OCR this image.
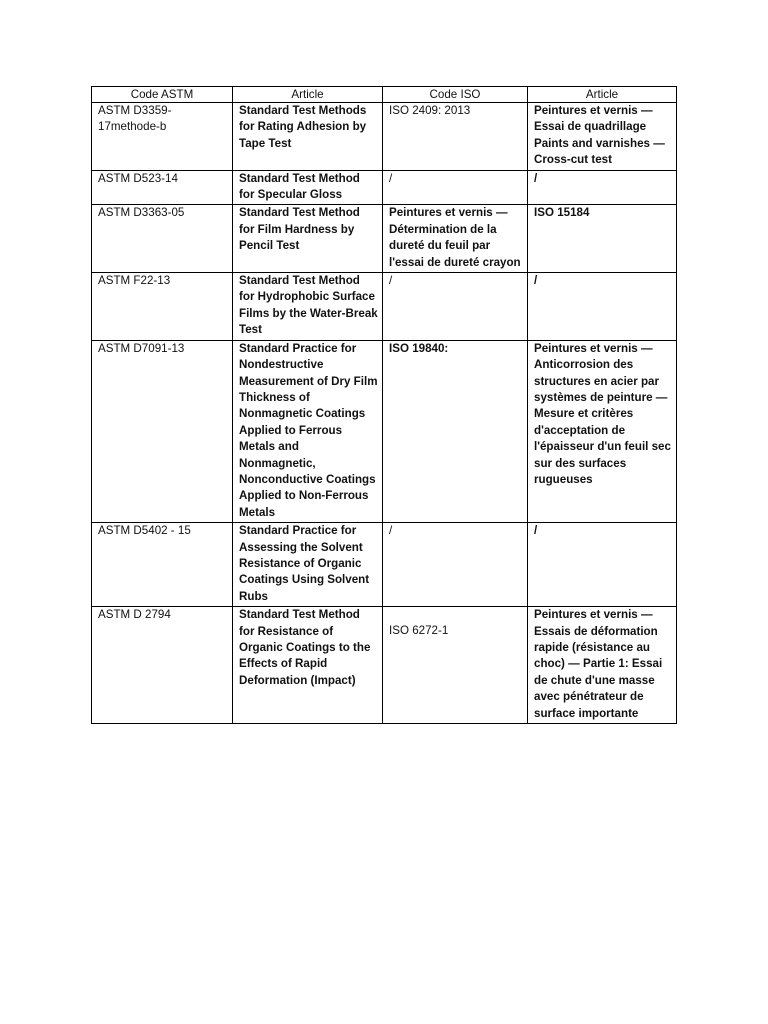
Code ASTM	Article	Code ISO	Article
ASTM D3359-17methode-b	Standard Test Methods for Rating Adhesion by Tape Test	ISO 2409: 2013	Peintures et vernis — Essai de quadrillage Paints and varnishes — Cross-cut test
ASTM D523-14	Standard Test Method for Specular Gloss	/	/
ASTM D3363-05	Standard Test Method for Film Hardness by Pencil Test	Peintures et vernis — Détermination de la dureté du feuil par l'essai de dureté crayon	ISO 15184
ASTM F22-13	Standard Test Method for Hydrophobic Surface Films by the Water-Break Test	/	/
ASTM D7091-13	Standard Practice for Nondestructive Measurement of Dry Film Thickness of Nonmagnetic Coatings Applied to Ferrous Metals and Nonmagnetic, Nonconductive Coatings Applied to Non-Ferrous Metals	ISO 19840:	Peintures et vernis — Anticorrosion des structures en acier par systèmes de peinture — Mesure et critères d'acceptation de l'épaisseur d'un feuil sec sur des surfaces rugueuses
ASTM D5402 - 15	Standard Practice for Assessing the Solvent Resistance of Organic Coatings Using Solvent Rubs	/	/
ASTM D 2794	Standard Test Method for Resistance of Organic Coatings to the Effects of Rapid Deformation (Impact)	ISO 6272-1	Peintures et vernis — Essais de déformation rapide (résistance au choc) — Partie 1: Essai de chute d'une masse avec pénétrateur de surface importante
